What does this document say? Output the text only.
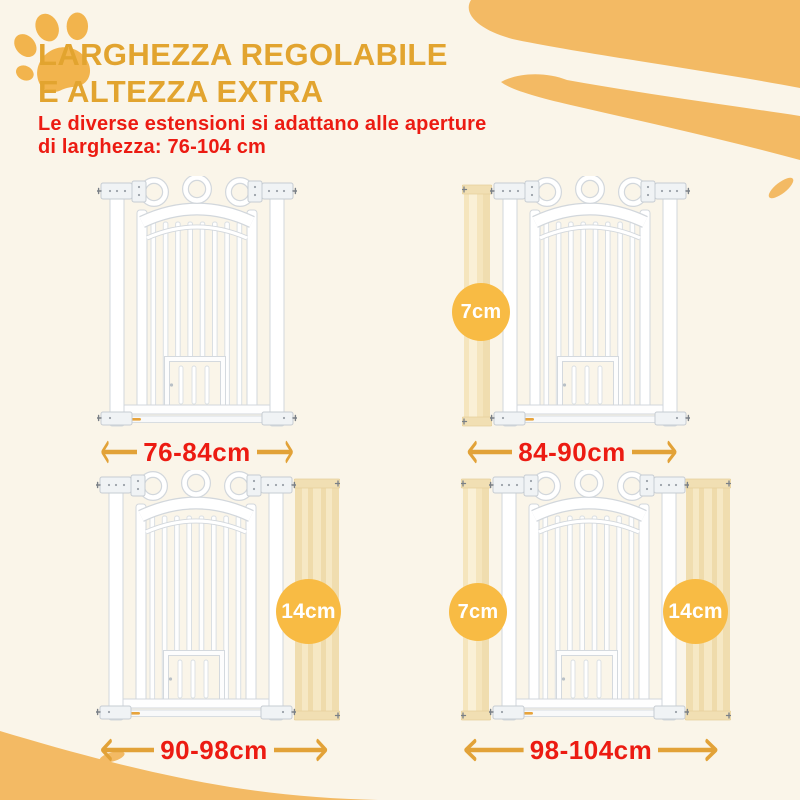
LARGHEZZA REGOLABILE
E ALTEZZA EXTRA
Le diverse estensioni si adattano alle aperture
di larghezza: 76-104 cm
7cm
14cm	7cm	14cm
76-84cm	84-90cm
90-98cm	98-104cm
